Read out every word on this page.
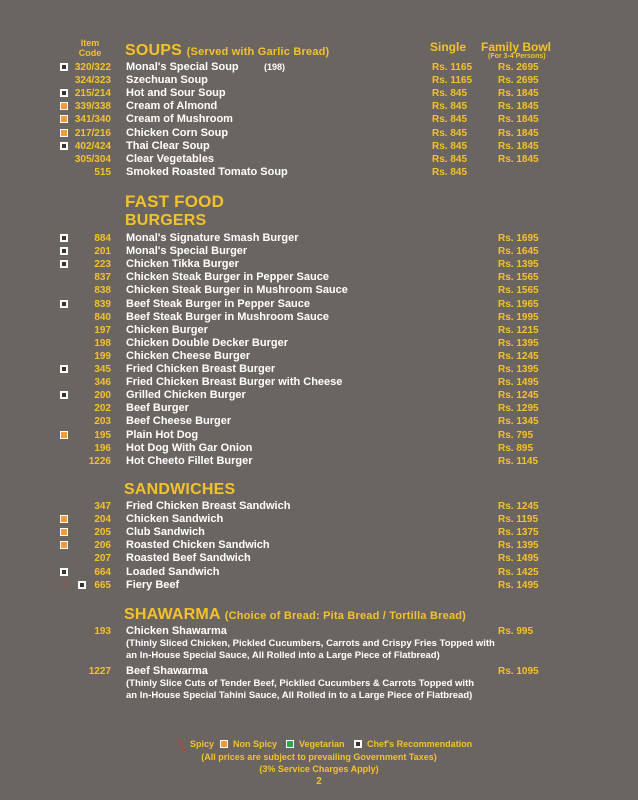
Item
Code	SOUPS (Served with Garlic Bread)	Single Family Bowl
(For 3-4 Persons)
320/322 Monal's Special Soup	(198)	Rs. 1165	Rs. 2695
324/323 Szechuan Soup	Rs. 1165	Rs. 2695
215/214 Hot and Sour Soup	Rs. 845	Rs. 1845
339/338 Cream of Almond	Rs. 845	Rs. 1845
341/340 Cream of Mushroom	Rs. 845	Rs. 1845
217/216 Chicken Corn Soup	Rs. 845	Rs. 1845
402/424 Thai Clear Soup	Rs. 845	Rs. 1845
305/304 Clear Vegetables	Rs. 845	Rs. 1845
515 Smoked Roasted Tomato Soup	Rs. 845
FAST FOOD
BURGERS
884 Monal's Signature Smash Burger	Rs. 1695
201 Monal's Special Burger	Rs. 1645
223 Chicken Tikka Burger	Rs. 1395
837 Chicken Steak Burger in Pepper Sauce	Rs. 1565
838 Chicken Steak Burger in Mushroom Sauce	Rs. 1565
839 Beef Steak Burger in Pepper Sauce	Rs. 1965
840 Beef Steak Burger in Mushroom Sauce	Rs. 1995
197 Chicken Burger	Rs. 1215
198 Chicken Double Decker Burger	Rs. 1395
199 Chicken Cheese Burger	Rs. 1245
345 Fried Chicken Breast Burger	Rs. 1395
346 Fried Chicken Breast Burger with Cheese	Rs. 1495
200 Grilled Chicken Burger	Rs. 1245
202 Beef Burger	Rs. 1295
203 Beef Cheese Burger	Rs. 1345
195 Plain Hot Dog	Rs. 795
196 Hot Dog With Gar Onion	Rs. 895
1226 Hot Cheeto Fillet Burger	Rs. 1145
SANDWICHES
347 Fried Chicken Breast Sandwich	Rs. 1245
204 Chicken Sandwich	Rs. 1195
205 Club Sandwich	Rs. 1375
206 Roasted Chicken Sandwich	Rs. 1395
207 Roasted Beef Sandwich	Rs. 1495
664 Loaded Sandwich	Rs. 1425
⤵	665 Fiery Beef	Rs. 1495
SHAWARMA (Choice of Bread: Pita Bread / Tortilla Bread)
193 Chicken Shawarma	Rs. 995
(Thinly Sliced Chicken, Pickled Cucumbers, Carrots and Crispy Fries Topped with
an In-House Special Sauce, All Rolled into a Large Piece of Flatbread)
1227 Beef Shawarma	Rs. 1095
(Thinly Slice Cuts of Tender Beef, Picklled Cucumbers & Carrots Topped with
an In-House Special Tahini Sauce, All Rolled in to a Large Piece of Flatbread)
⤵ Spicy Non Spicy Vegetarian Chef's Recommendation
(All prices are subject to prevailing Government Taxes)
(3% Service Charges Apply)
2
